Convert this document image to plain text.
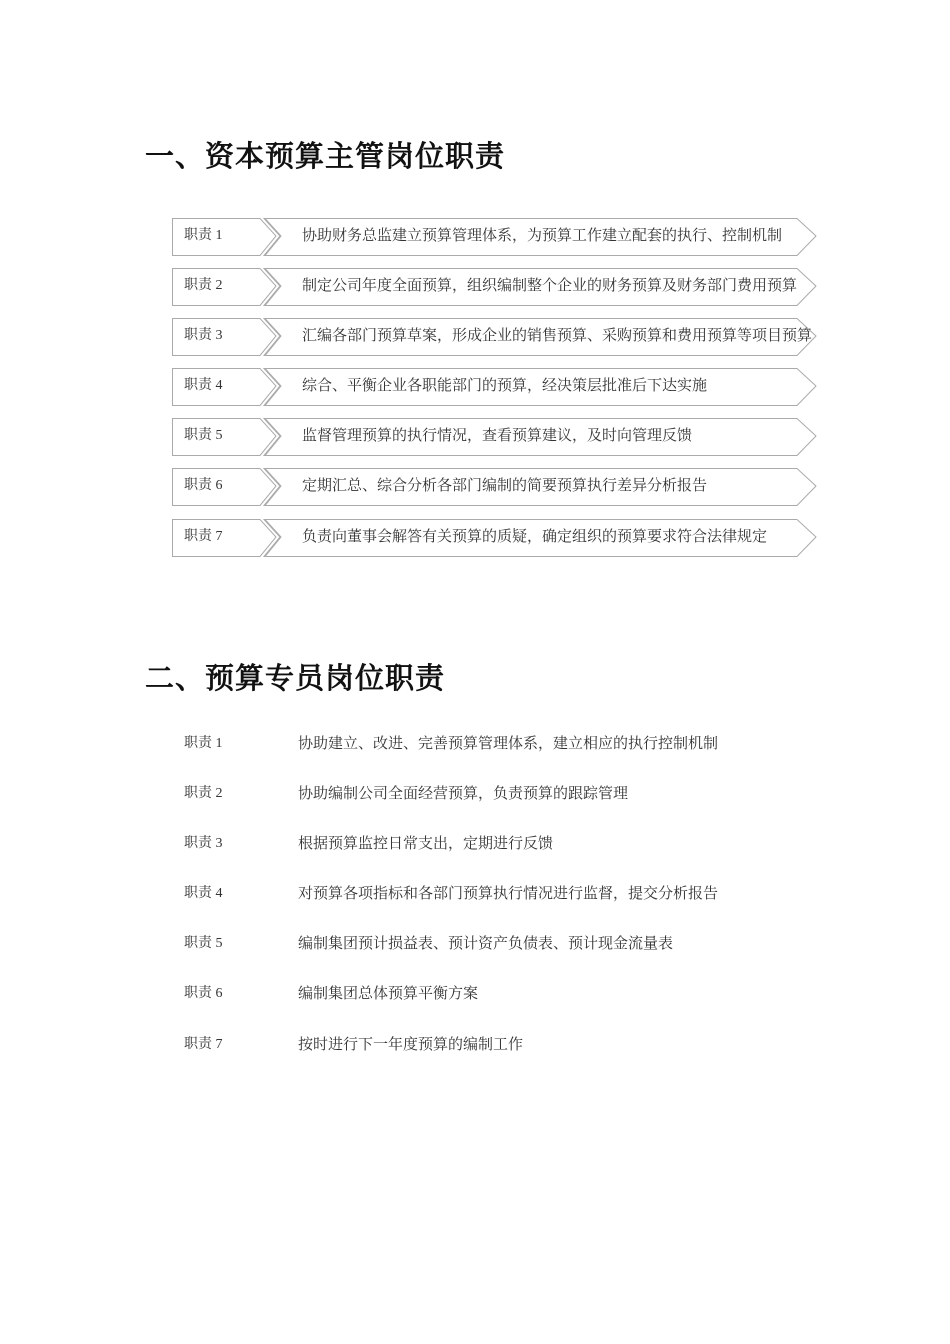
一、资本预算主管岗位职责
职责 1	协助财务总监建立预算管理体系，为预算工作建立配套的执行、控制机制
职责 2	制定公司年度全面预算，组织编制整个企业的财务预算及财务部门费用预算
职责 3	汇编各部门预算草案，形成企业的销售预算、采购预算和费用预算等项目预算
职责 4	综合、平衡企业各职能部门的预算，经决策层批准后下达实施
职责 5	监督管理预算的执行情况，查看预算建议，及时向管理反馈
职责 6	定期汇总、综合分析各部门编制的简要预算执行差异分析报告
职责 7	负责向董事会解答有关预算的质疑，确定组织的预算要求符合法律规定
二、预算专员岗位职责
职责 1	协助建立、改进、完善预算管理体系，建立相应的执行控制机制
职责 2	协助编制公司全面经营预算，负责预算的跟踪管理
职责 3	根据预算监控日常支出，定期进行反馈
职责 4	对预算各项指标和各部门预算执行情况进行监督，提交分析报告
职责 5	编制集团预计损益表、预计资产负债表、预计现金流量表
职责 6	编制集团总体预算平衡方案
职责 7	按时进行下一年度预算的编制工作
